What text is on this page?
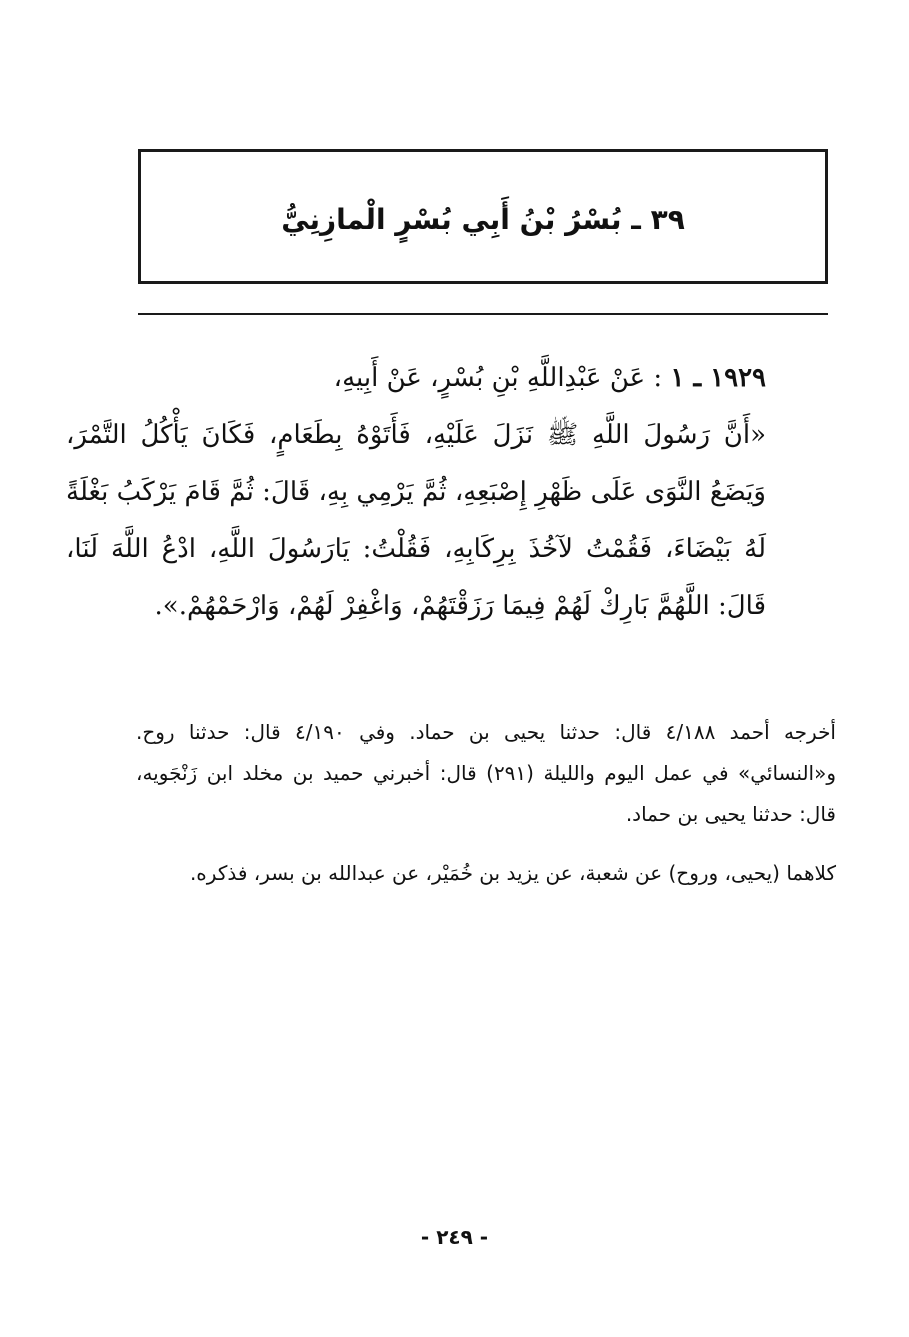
٣٩ ـ بُسْرُ بْنُ أَبِي بُسْرٍ الْمازِنِيُّ
١٩٢٩ ـ ١ : عَنْ عَبْدِاللَّهِ بْنِ بُسْرٍ، عَنْ أَبِيهِ،
«أَنَّ رَسُولَ اللَّهِ ﷺ نَزَلَ عَلَيْهِ، فَأَتَوْهُ بِطَعَامٍ، فَكَانَ يَأْكُلُ التَّمْرَ، وَيَضَعُ النَّوَى عَلَى ظَهْرِ إِصْبَعِهِ، ثُمَّ يَرْمِي بِهِ، قَالَ: ثُمَّ قَامَ يَرْكَبُ بَغْلَةً لَهُ بَيْضَاءَ، فَقُمْتُ لآخُذَ بِرِكَابِهِ، فَقُلْتُ: يَارَسُولَ اللَّهِ، ادْعُ اللَّهَ لَنَا، قَالَ: اللَّهُمَّ بَارِكْ لَهُمْ فِيمَا رَزَقْتَهُمْ، وَاغْفِرْ لَهُمْ، وَارْحَمْهُمْ.».

أخرجه أحمد ٤/١٨٨ قال: حدثنا يحيى بن حماد. وفي ٤/١٩٠ قال: حدثنا روح. و«النسائي» في عمل اليوم والليلة (٢٩١) قال: أخبرني حميد بن مخلد ابن زَنْجَويه، قال: حدثنا يحيى بن حماد.

كلاهما (يحيى، وروح) عن شعبة، عن يزيد بن خُمَيْر، عن عبدالله بن بسر، فذكره.

- ٢٤٩ -
